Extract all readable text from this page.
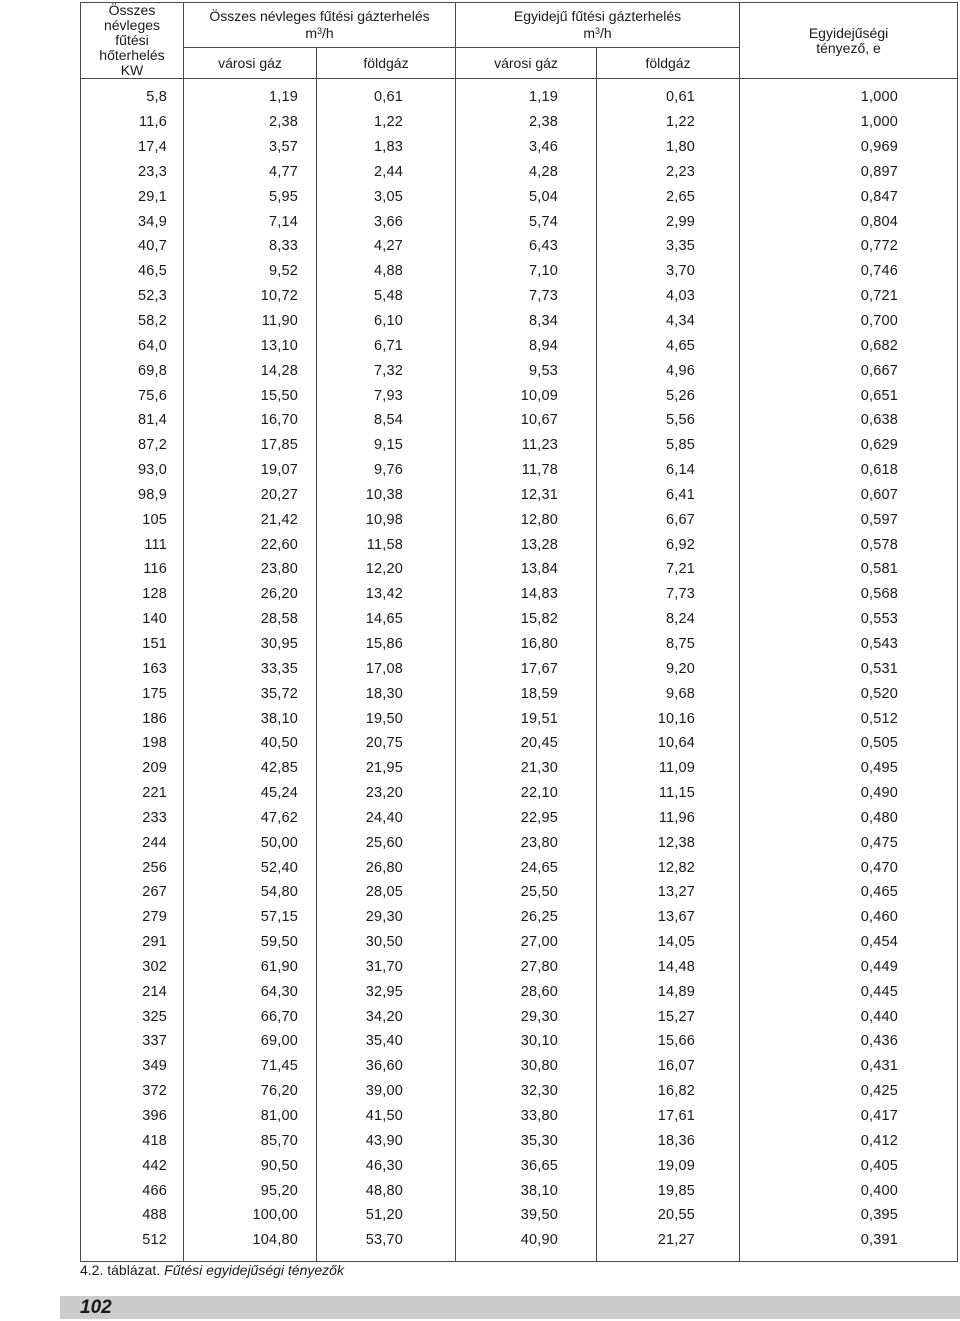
Összes névleges
fűtési hőterhelés
KW	Összes névleges fűtési gázterhelés
$m^3/h$		Egyidejű fűtési gázterhelés
$m^3/h$		Egyidejűségi
tényező, e
	városi gáz	földgáz	városi gáz	földgáz	
5,8	1,19	0,61	1,19	0,61	1,000
11,6	2,38	1,22	2,38	1,22	1,000
17,4	3,57	1,83	3,46	1,80	0,969
23,3	4,77	2,44	4,28	2,23	0,897
29,1	5,95	3,05	5,04	2,65	0,847
34,9	7,14	3,66	5,74	2,99	0,804
40,7	8,33	4,27	6,43	3,35	0,772
46,5	9,52	4,88	7,10	3,70	0,746
52,3	10,72	5,48	7,73	4,03	0,721
58,2	11,90	6,10	8,34	4,34	0,700
64,0	13,10	6,71	8,94	4,65	0,682
69,8	14,28	7,32	9,53	4,96	0,667
75,6	15,50	7,93	10,09	5,26	0,651
81,4	16,70	8,54	10,67	5,56	0,638
87,2	17,85	9,15	11,23	5,85	0,629
93,0	19,07	9,76	11,78	6,14	0,618
98,9	20,27	10,38	12,31	6,41	0,607
105	21,42	10,98	12,80	6,67	0,597
111	22,60	11,58	13,28	6,92	0,578
116	23,80	12,20	13,84	7,21	0,581
128	26,20	13,42	14,83	7,73	0,568
140	28,58	14,65	15,82	8,24	0,553
151	30,95	15,86	16,80	8,75	0,543
163	33,35	17,08	17,67	9,20	0,531
175	35,72	18,30	18,59	9,68	0,520
186	38,10	19,50	19,51	10,16	0,512
198	40,50	20,75	20,45	10,64	0,505
209	42,85	21,95	21,30	11,09	0,495
221	45,24	23,20	22,10	11,15	0,490
233	47,62	24,40	22,95	11,96	0,480
244	50,00	25,60	23,80	12,38	0,475
256	52,40	26,80	24,65	12,82	0,470
267	54,80	28,05	25,50	13,27	0,465
279	57,15	29,30	26,25	13,67	0,460
291	59,50	30,50	27,00	14,05	0,454
302	61,90	31,70	27,80	14,48	0,449
214	64,30	32,95	28,60	14,89	0,445
325	66,70	34,20	29,30	15,27	0,440
337	69,00	35,40	30,10	15,66	0,436
349	71,45	36,60	30,80	16,07	0,431
372	76,20	39,00	32,30	16,82	0,425
396	81,00	41,50	33,80	17,61	0,417
418	85,70	43,90	35,30	18,36	0,412
442	90,50	46,30	36,65	19,09	0,405
466	95,20	48,80	38,10	19,85	0,400
488	100,00	51,20	39,50	20,55	0,395
512	104,80	53,70	40,90	21,27	0,391
4.2. táblázat. Fűtési egyidejűségi tényezők
102
